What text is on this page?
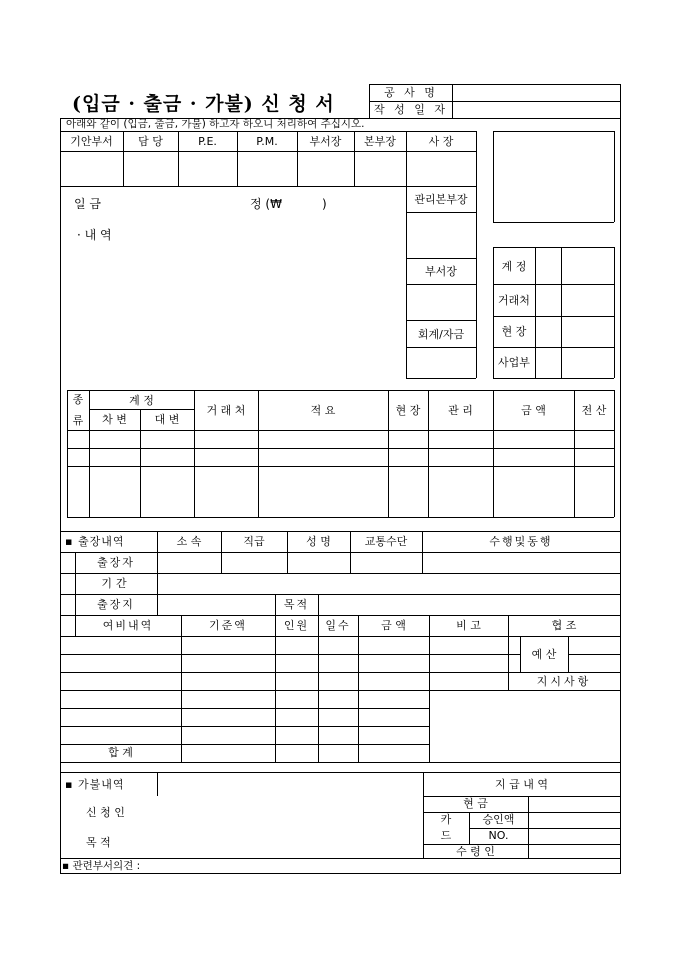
(입금 · 출금 · 가불) 신 청 서
공 사 명
작 성 일 자
아래와 같이 (입금, 출금, 가불) 하고자 하오니 처리하여 주십시오.
기안부서	담 당	P.E.	P.M.	부서장	본부장	사 장
일 금	정 (₩	)
· 내 역
관리본부장
부서장
회계/자금
계 정
거래처
현 장
사업부
종
류
계 정
차 변	대 변
거 래 처	적 요	현 장	관 리	금 액	전 산
▪ 출장내역	소 속	직급	성 명	교통수단	수행및동행
출장자
기간
출장지	목적
여비내역	기준액	인원	일수	금 액	비 고	협 조
예 산
지시사항
합 계
▪ 가불내역	지 급 내 역
신 청 인
목 적
현 금
카
드
승인액
NO.
수 령 인
▪ 관련부서의견 :
